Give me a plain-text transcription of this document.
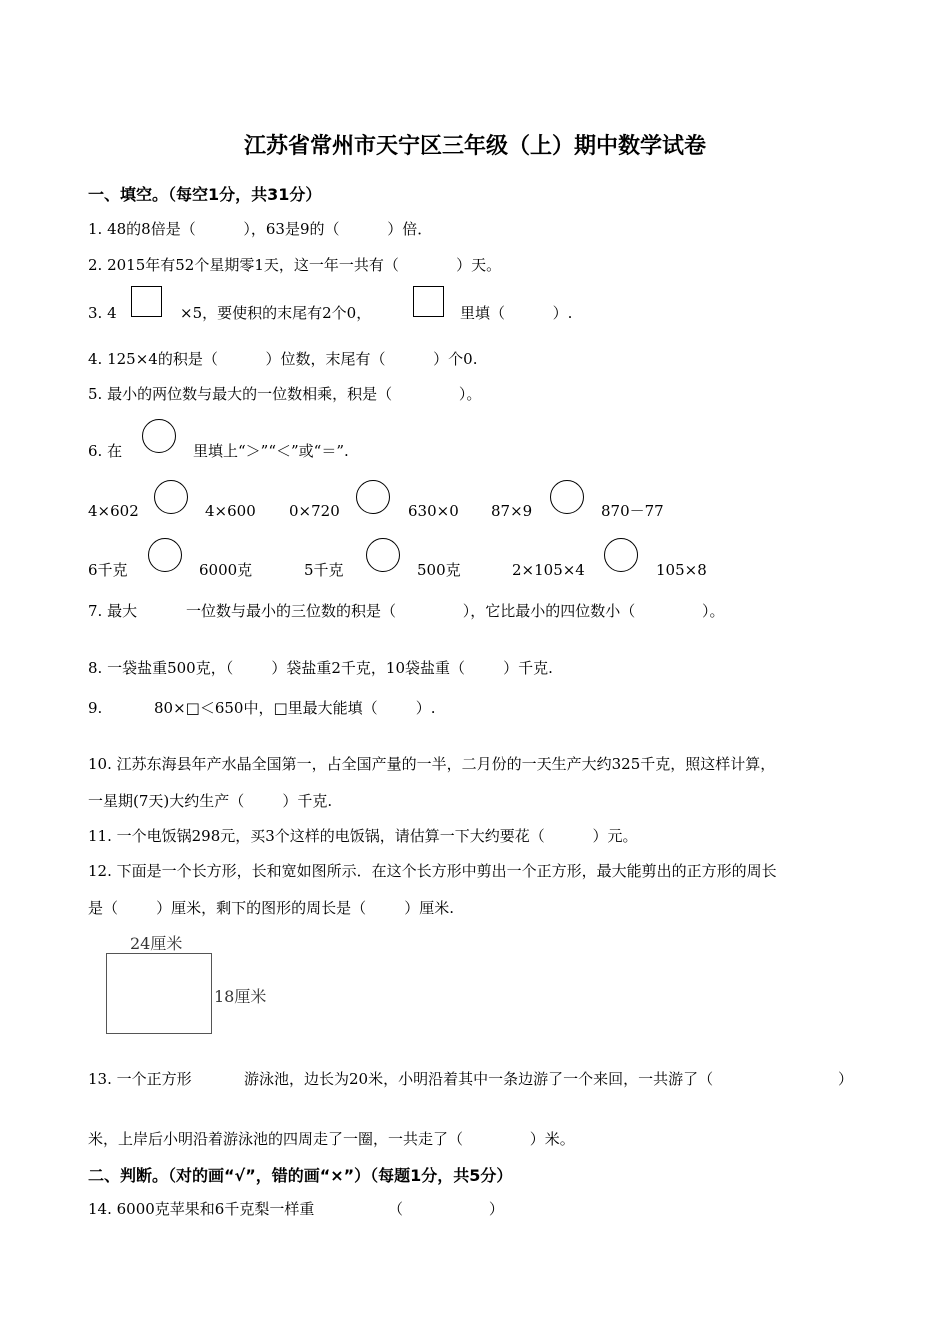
江苏省常州市天宁区三年级（上）期中数学试卷
一、填空。（每空1分，共31分）
1. 48的8倍是（          ），63是9的（          ）倍．
2. 2015年有52个星期零1天，这一年一共有（            ）天。
3. 4	×5，要使积的末尾有2个0，	里填（          ）.
4. 125×4的积是（          ）位数，末尾有（          ）个0.
5. 最小的两位数与最大的一位数相乘，积是（              ）。
6. 在	里填上“＞”“＜”或“＝”.
4×602	4×600 0×720	630×0 87×9	870－77
6千克	6000克	5千克	500克	2×105×4	105×8
7. 最大	一位数与最小的三位数的积是（              ），它比最小的四位数小（              ）。
8. 一袋盐重500克，（        ）袋盐重2千克，10袋盐重（        ）千克.
9.	80×□＜650中，□里最大能填（        ）.
10. 江苏东海县年产水晶全国第一，占全国产量的一半，二月份的一天生产大约325千克，照这样计算，
一星期(7天)大约生产（        ）千克.
11. 一个电饭锅298元，买3个这样的电饭锅，请估算一下大约要花（          ）元。
12. 下面是一个长方形，长和宽如图所示．在这个长方形中剪出一个正方形，最大能剪出的正方形的周长
是（        ）厘米，剩下的图形的周长是（        ）厘米.
24厘米
18厘米
13. 一个正方形	游泳池，边长为20米，小明沿着其中一条边游了一个来回，一共游了（	）
米，上岸后小明沿着游泳池的四周走了一圈，一共走了（              ）米。
二、判断。（对的画“√”，错的画“×”）（每题1分，共5分）
14. 6000克苹果和6千克梨一样重	（                  ）
